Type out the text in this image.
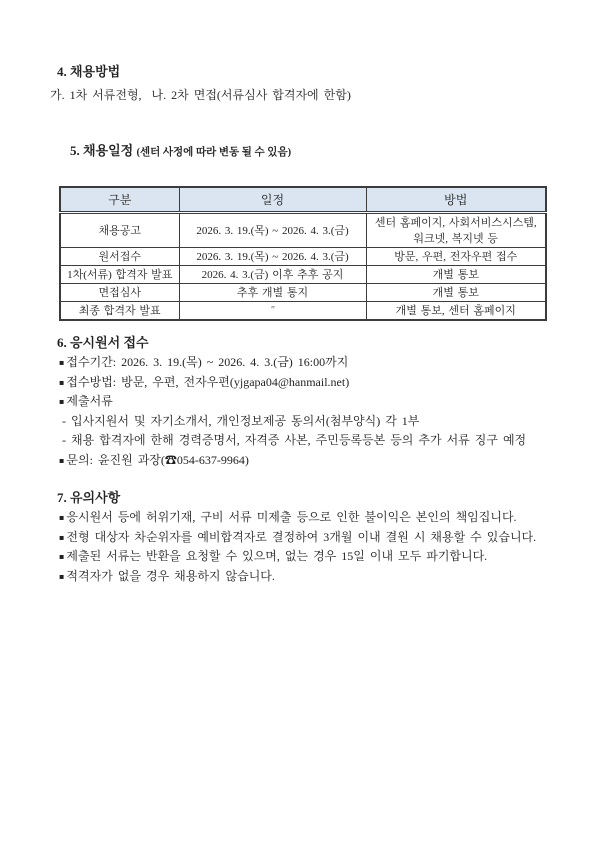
4. 채용방법
가. 1차 서류전형,  나. 2차 면접(서류심사 합격자에 한함)

5. 채용일정 (센터 사정에 따라 변동 될 수 있음)

구분	일정	방법
채용공고	2026. 3. 19.(목) ~ 2026. 4. 3.(금)	센터 홈페이지, 사회서비스시스템, 워크넷, 복지넷 등
원서접수	2026. 3. 19.(목) ~ 2026. 4. 3.(금)	방문, 우편, 전자우편 접수
1차(서류) 합격자 발표	2026. 4. 3.(금) 이후 추후 공지	개별 통보
면접심사	추후 개별 통지	개별 통보
최종 합격자 발표	″	개별 통보, 센터 홈페이지
6. 응시원서 접수
▪ 접수기간: 2026. 3. 19.(목) ~ 2026. 4. 3.(금) 16:00까지
▪ 접수방법: 방문, 우편, 전자우편(yjgapa04@hanmail.net)
▪ 제출서류
- 입사지원서 및 자기소개서, 개인정보제공 동의서(첨부양식) 각 1부
- 채용 합격자에 한해 경력증명서, 자격증 사본, 주민등록등본 등의 추가 서류 징구 예정
▪ 문의: 윤진원 과장(☎054-637-9964)
7. 유의사항
▪ 응시원서 등에 허위기재, 구비 서류 미제출 등으로 인한 불이익은 본인의 책임집니다.
▪ 전형 대상자 차순위자를 예비합격자로 결정하여 3개월 이내 결원 시 채용할 수 있습니다.
▪ 제출된 서류는 반환을 요청할 수 있으며, 없는 경우 15일 이내 모두 파기합니다.
▪ 적격자가 없을 경우 채용하지 않습니다.
